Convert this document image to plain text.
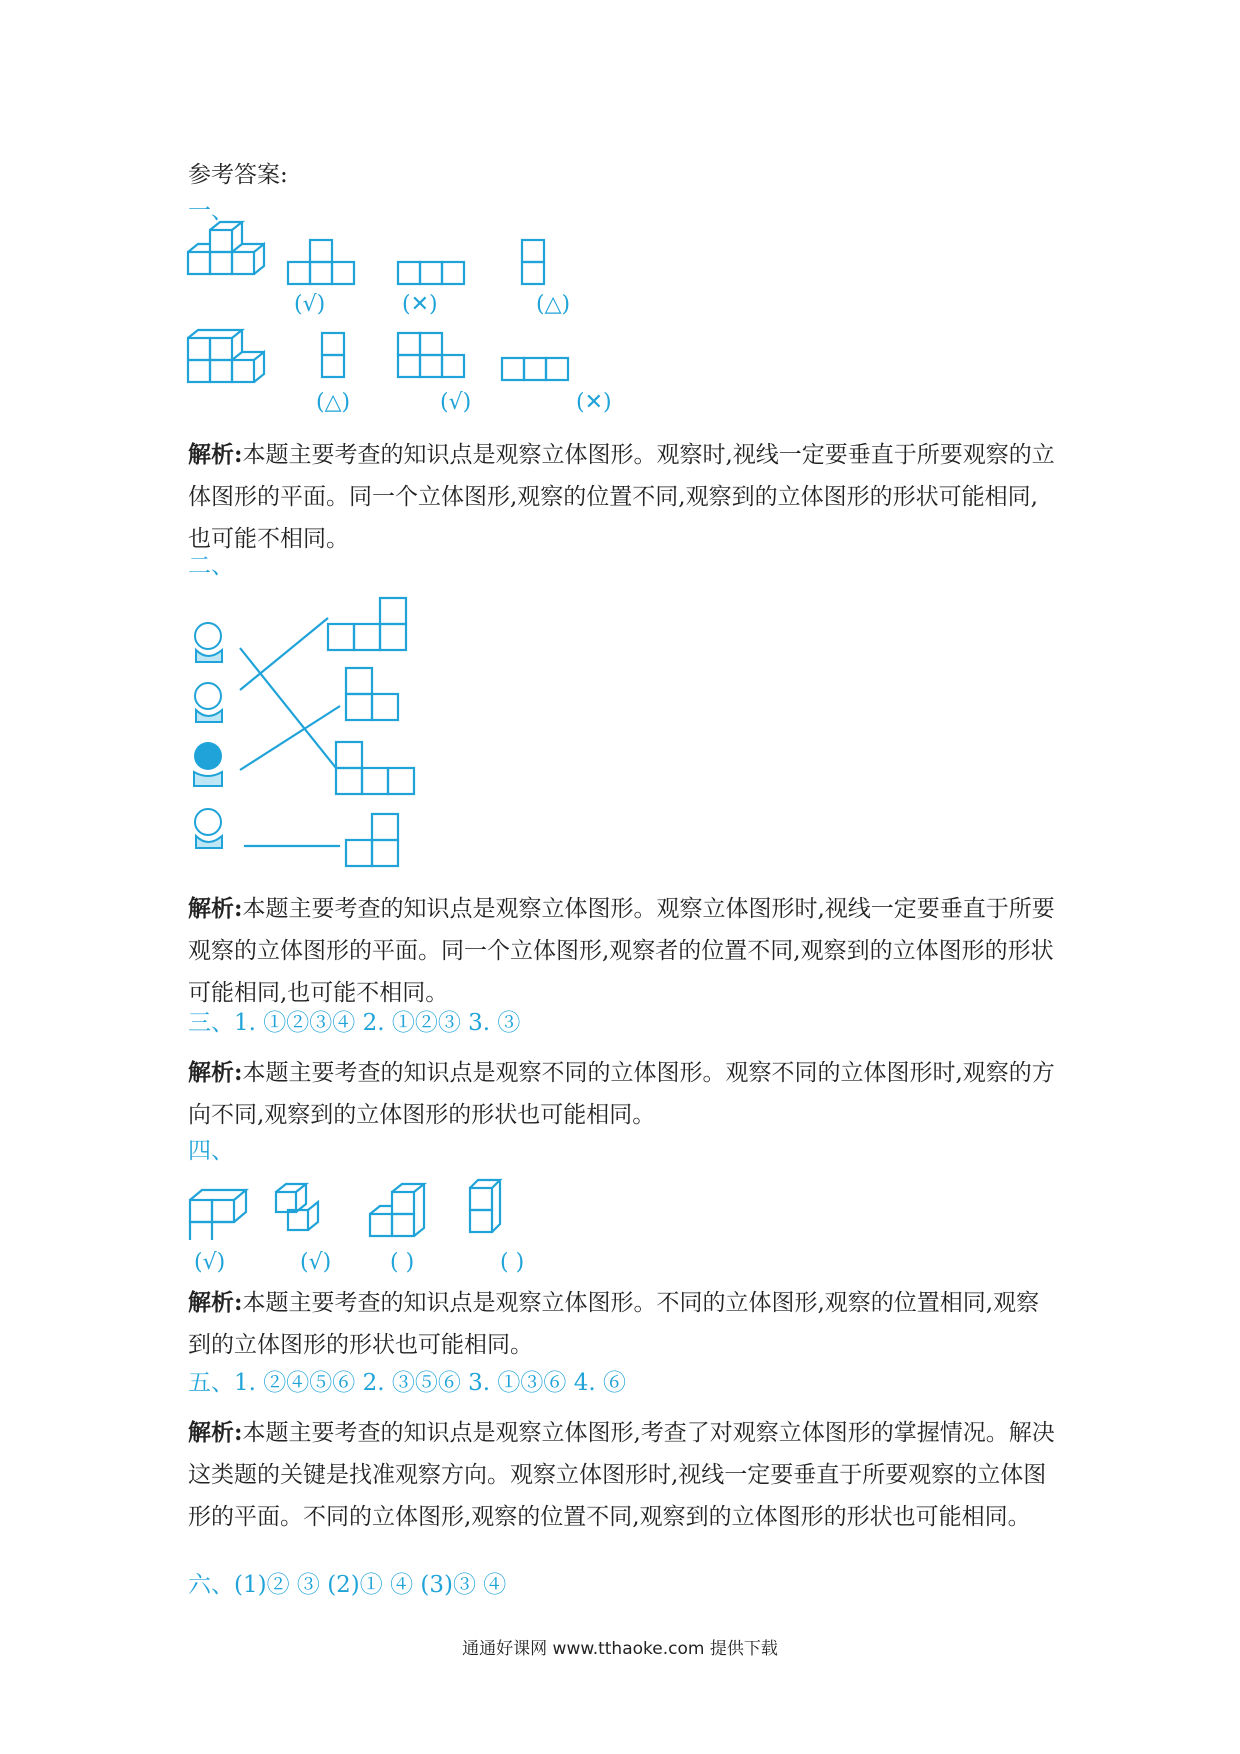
参考答案:
一、
(√)	(✕)	(△)
(△)	(√)	(✕)
解析:本题主要考查的知识点是观察立体图形。观察时,视线一定要垂直于所要观察的立体图形的平面。同一个立体图形,观察的位置不同,观察到的立体图形的形状可能相同,也可能不相同。
二、
解析:本题主要考查的知识点是观察立体图形。观察立体图形时,视线一定要垂直于所要观察的立体图形的平面。同一个立体图形,观察者的位置不同,观察到的立体图形的形状可能相同,也可能不相同。
三、1. ①②③④ 2. ①②③ 3. ③
解析:本题主要考查的知识点是观察不同的立体图形。观察不同的立体图形时,观察的方向不同,观察到的立体图形的形状也可能相同。
四、
(√)	(√)	( )	( )
解析:本题主要考查的知识点是观察立体图形。不同的立体图形,观察的位置相同,观察到的立体图形的形状也可能相同。
五、1. ②④⑤⑥ 2. ③⑤⑥ 3. ①③⑥ 4. ⑥
解析:本题主要考查的知识点是观察立体图形,考查了对观察立体图形的掌握情况。解决这类题的关键是找准观察方向。观察立体图形时,视线一定要垂直于所要观察的立体图形的平面。不同的立体图形,观察的位置不同,观察到的立体图形的形状也可能相同。
六、(1)② ③ (2)① ④ (3)③ ④
通通好课网 www.tthaoke.com 提供下载
